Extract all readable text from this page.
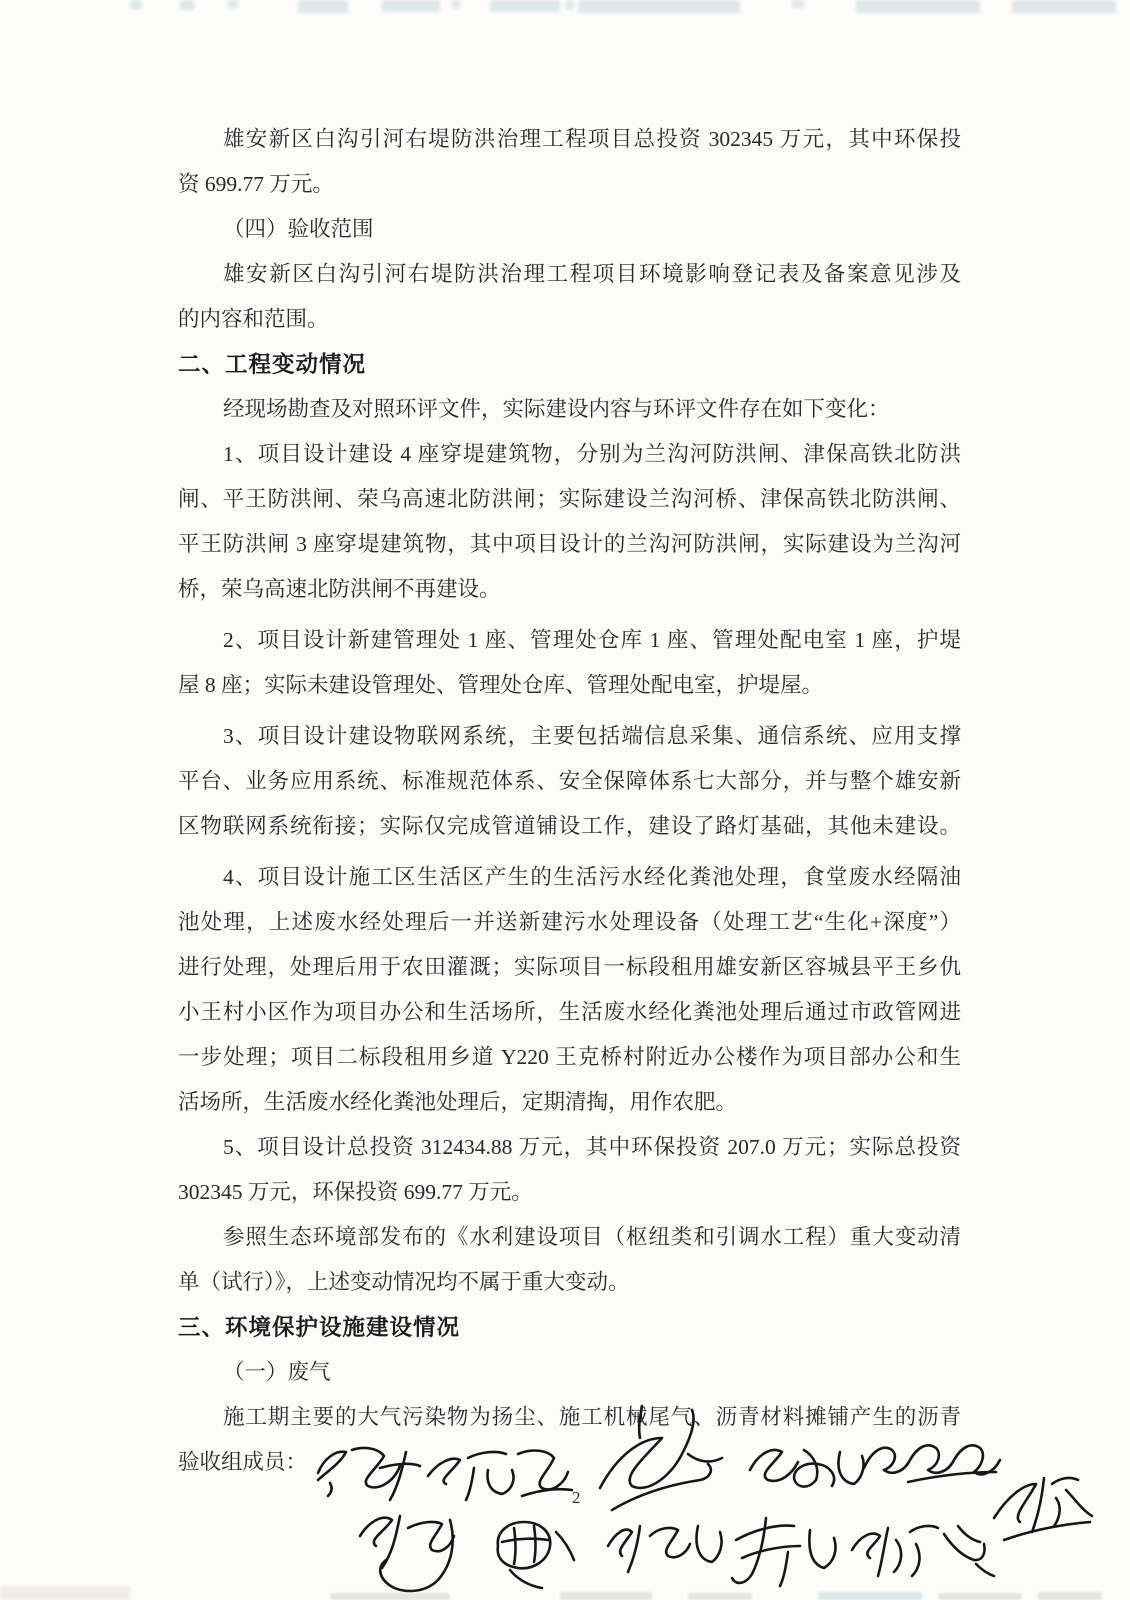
雄安新区白沟引河右堤防洪治理工程项目总投资 302345 万元，其中环保投
资 699.77 万元。
（四）验收范围
雄安新区白沟引河右堤防洪治理工程项目环境影响登记表及备案意见涉及
的内容和范围。
二、工程变动情况
经现场勘查及对照环评文件，实际建设内容与环评文件存在如下变化：
1、项目设计建设 4 座穿堤建筑物，分别为兰沟河防洪闸、津保高铁北防洪
闸、平王防洪闸、荣乌高速北防洪闸；实际建设兰沟河桥、津保高铁北防洪闸、
平王防洪闸 3 座穿堤建筑物，其中项目设计的兰沟河防洪闸，实际建设为兰沟河
桥，荣乌高速北防洪闸不再建设。
2、项目设计新建管理处 1 座、管理处仓库 1 座、管理处配电室 1 座，护堤
屋 8 座；实际未建设管理处、管理处仓库、管理处配电室，护堤屋。
3、项目设计建设物联网系统，主要包括端信息采集、通信系统、应用支撑
平台、业务应用系统、标准规范体系、安全保障体系七大部分，并与整个雄安新
区物联网系统衔接；实际仅完成管道铺设工作，建设了路灯基础，其他未建设。
4、项目设计施工区生活区产生的生活污水经化粪池处理，食堂废水经隔油
池处理，上述废水经处理后一并送新建污水处理设备（处理工艺“生化+深度”）
进行处理，处理后用于农田灌溉；实际项目一标段租用雄安新区容城县平王乡仇
小王村小区作为项目办公和生活场所，生活废水经化粪池处理后通过市政管网进
一步处理；项目二标段租用乡道 Y220 王克桥村附近办公楼作为项目部办公和生
活场所，生活废水经化粪池处理后，定期清掏，用作农肥。
5、项目设计总投资 312434.88 万元，其中环保投资 207.0 万元；实际总投资
302345 万元，环保投资 699.77 万元。
参照生态环境部发布的《水利建设项目（枢纽类和引调水工程）重大变动清
单（试行）》，上述变动情况均不属于重大变动。
三、环境保护设施建设情况
（一）废气
施工期主要的大气污染物为扬尘、施工机械尾气、沥青材料摊铺产生的沥青
验收组成员：
2
